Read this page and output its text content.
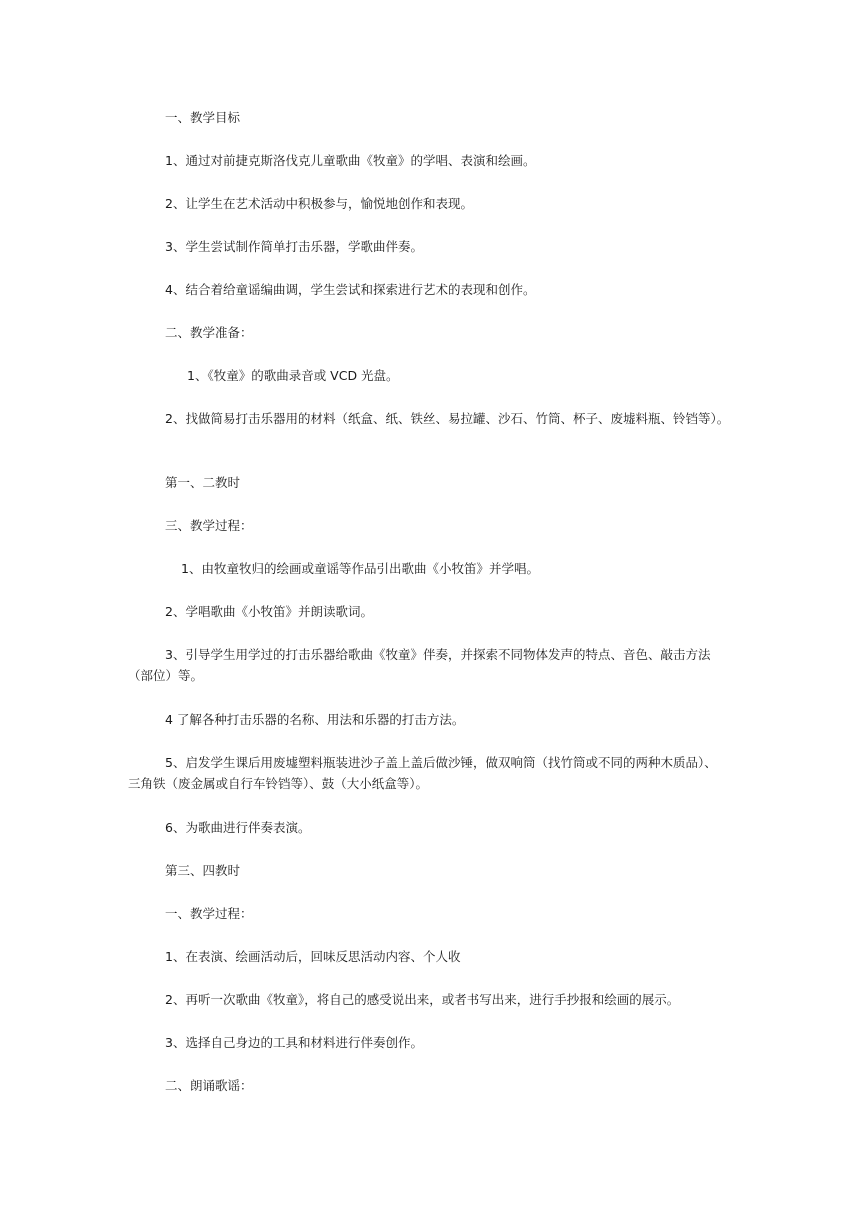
一、教学目标
1、通过对前捷克斯洛伐克儿童歌曲《牧童》的学唱、表演和绘画。
2、让学生在艺术活动中积极参与，愉悦地创作和表现。
3、学生尝试制作简单打击乐器，学歌曲伴奏。
4、结合着给童谣编曲调，学生尝试和探索进行艺术的表现和创作。
二、教学准备：
1、《牧童》的歌曲录音或 VCD 光盘。
2、找做简易打击乐器用的材料（纸盒、纸、铁丝、易拉罐、沙石、竹筒、杯子、废墟料瓶、铃铛等）。
第一、二教时
三、教学过程：
1、由牧童牧归的绘画或童谣等作品引出歌曲《小牧笛》并学唱。
2、学唱歌曲《小牧笛》并朗读歌词。
3、引导学生用学过的打击乐器给歌曲《牧童》伴奏，并探索不同物体发声的特点、音色、敲击方法
（部位）等。
4 了解各种打击乐器的名称、用法和乐器的打击方法。
5、启发学生课后用废墟塑料瓶装进沙子盖上盖后做沙锤，做双响筒（找竹筒或不同的两种木质品）、
三角铁（废金属或自行车铃铛等）、鼓（大小纸盒等）。
6、为歌曲进行伴奏表演。
第三、四教时
一、教学过程：
1、在表演、绘画活动后，回味反思活动内容、个人收
2、再听一次歌曲《牧童》，将自己的感受说出来，或者书写出来，进行手抄报和绘画的展示。
3、选择自己身边的工具和材料进行伴奏创作。
二、朗诵歌谣：
